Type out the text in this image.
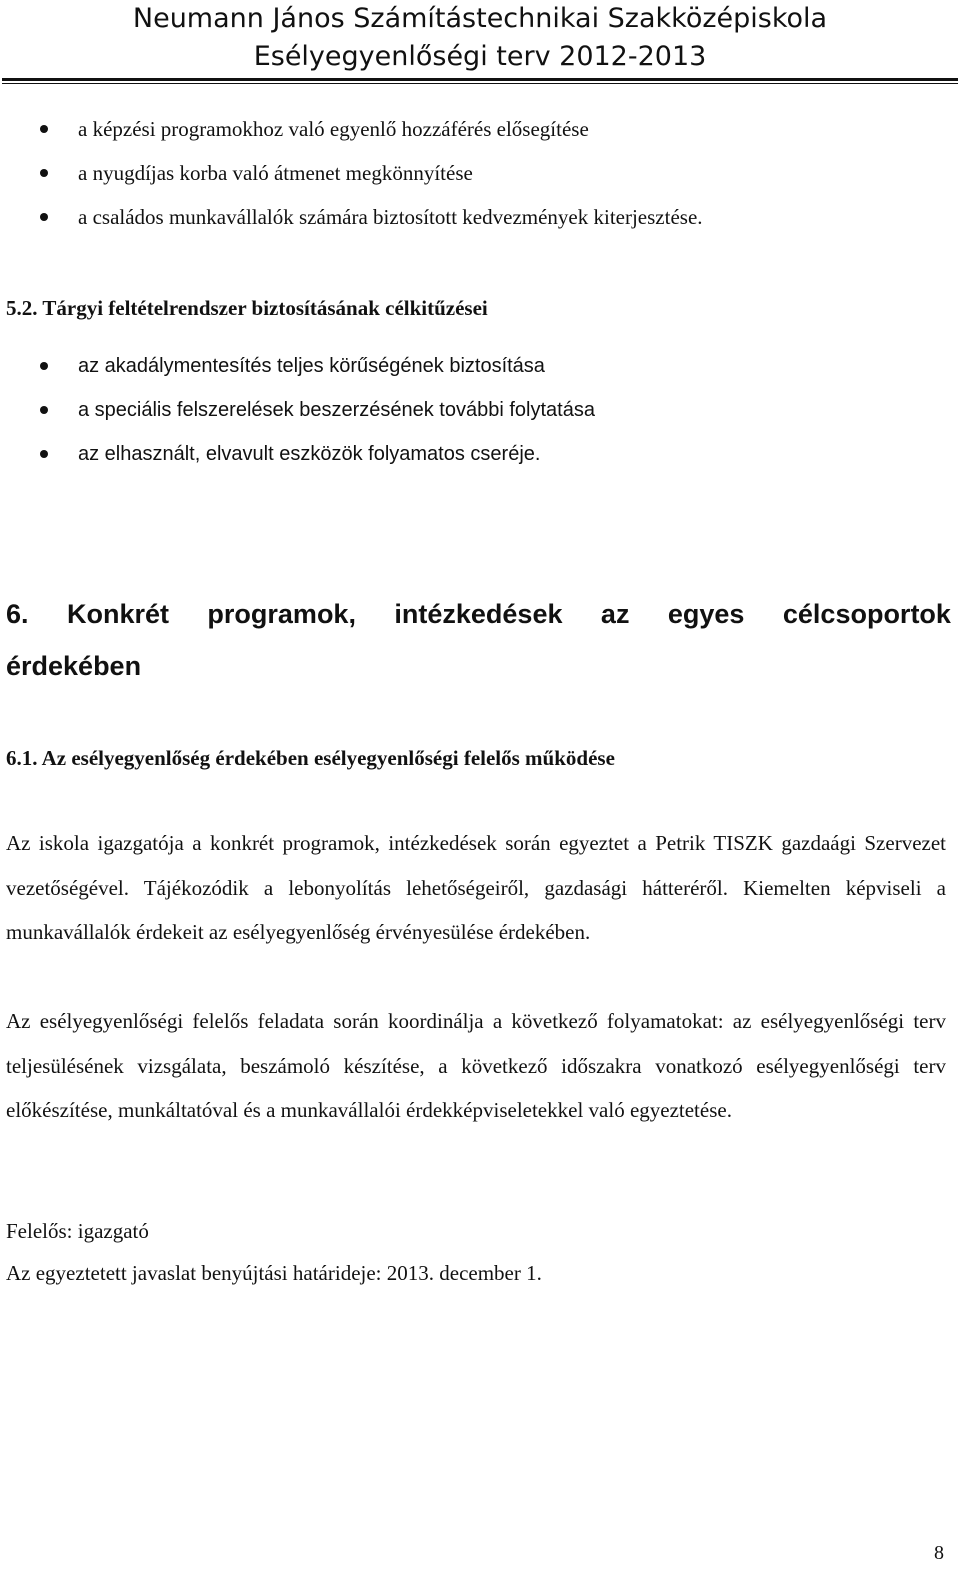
Neumann János Számítástechnikai Szakközépiskola
Esélyegyenlőségi terv 2012-2013
a képzési programokhoz való egyenlő hozzáférés elősegítése
a nyugdíjas korba való átmenet megkönnyítése
a családos munkavállalók számára biztosított kedvezmények kiterjesztése.
5.2. Tárgyi feltételrendszer biztosításának célkitűzései
az akadálymentesítés teljes körűségének biztosítása
a speciális felszerelések beszerzésének további folytatása
az elhasznált, elvavult eszközök folyamatos cseréje.
6. Konkrét programok, intézkedések az egyes célcsoportok
érdekében
6.1. Az esélyegyenlőség érdekében esélyegyenlőségi felelős működése
Az iskola igazgatója a konkrét programok, intézkedések során egyeztet a Petrik TISZK gazdaági Szervezet vezetőségével. Tájékozódik a lebonyolítás lehetőségeiről, gazdasági hátteréről. Kiemelten képviseli a munkavállalók érdekeit az esélyegyenlőség érvényesülése érdekében.
Az esélyegyenlőségi felelős feladata során koordinálja a következő folyamatokat: az esélyegyenlőségi terv teljesülésének vizsgálata, beszámoló készítése, a következő időszakra vonatkozó esélyegyenlőségi terv előkészítése, munkáltatóval és a munkavállalói érdekképviseletekkel való egyeztetése.
Felelős: igazgató
Az egyeztetett javaslat benyújtási határideje: 2013. december 1.
8
